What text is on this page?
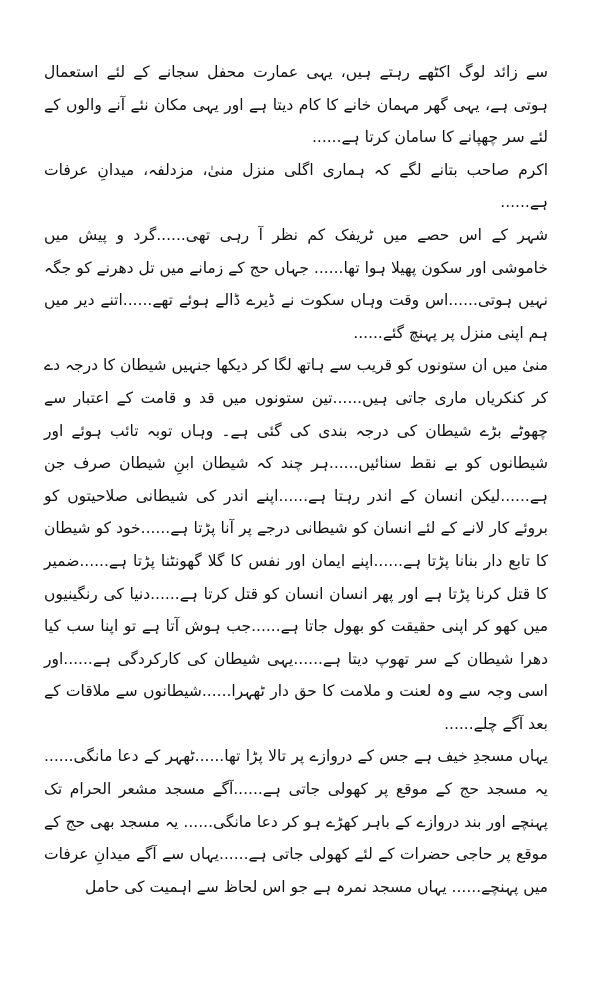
سے زائد لوگ اکٹھے رہتے ہیں، یہی عمارت محفل سجانے کے لئے استعمال ہوتی ہے، یہی گھر مہمان خانے کا کام دیتا ہے اور یہی مکان نئے آنے والوں کے لئے سر چھپانے کا سامان کرتا ہے......

اکرم صاحب بتانے لگے کہ ہماری اگلی منزل منیٰ، مزدلفہ، میدانِ عرفات ہے......

شہر کے اس حصے میں ٹریفک کم نظر آ رہی تھی......گرد و پیش میں خاموشی اور سکون پھیلا ہوا تھا...... جہاں حج کے زمانے میں تل دھرنے کو جگہ نہیں ہوتی......اس وقت وہاں سکوت نے ڈیرے ڈالے ہوئے تھے......اتنے دیر میں ہم اپنی منزل پر پہنچ گئے......

منیٰ میں ان ستونوں کو قریب سے ہاتھ لگا کر دیکھا جنہیں شیطان کا درجہ دے کر کنکریاں ماری جاتی ہیں......تین ستونوں میں قد و قامت کے اعتبار سے چھوٹے بڑے شیطان کی درجہ بندی کی گئی ہے۔ وہاں توبہ تائب ہوئے اور شیطانوں کو بے نقط سنائیں......ہر چند کہ شیطان ابنِ شیطان صرف جن ہے......لیکن انسان کے اندر رہتا ہے......اپنے اندر کی شیطانی صلاحیتوں کو بروئے کار لانے کے لئے انسان کو شیطانی درجے پر آنا پڑتا ہے......خود کو شیطان کا تابع دار بنانا پڑتا ہے......اپنے ایمان اور نفس کا گلا گھونٹنا پڑتا ہے......ضمیر کا قتل کرنا پڑتا ہے اور پھر انسان انسان کو قتل کرتا ہے......دنیا کی رنگینیوں میں کھو کر اپنی حقیقت کو بھول جاتا ہے......جب ہوش آتا ہے تو اپنا سب کیا دھرا شیطان کے سر تھوپ دیتا ہے......یہی شیطان کی کارکردگی ہے......اور اسی وجہ سے وہ لعنت و ملامت کا حق دار ٹھہرا......شیطانوں سے ملاقات کے بعد آگے چلے......

یہاں مسجدِ خیف ہے جس کے دروازے پر تالا پڑا تھا......ٹھہر کے دعا مانگی...... یہ مسجد حج کے موقع پر کھولی جاتی ہے......آگے مسجد مشعر الحرام تک پہنچے اور بند دروازے کے باہر کھڑے ہو کر دعا مانگی...... یہ مسجد بھی حج کے موقع پر حاجی حضرات کے لئے کھولی جاتی ہے......یہاں سے آگے میدانِ عرفات میں پہنچے...... یہاں مسجد نمرہ ہے جو اس لحاظ سے اہمیت کی حامل
